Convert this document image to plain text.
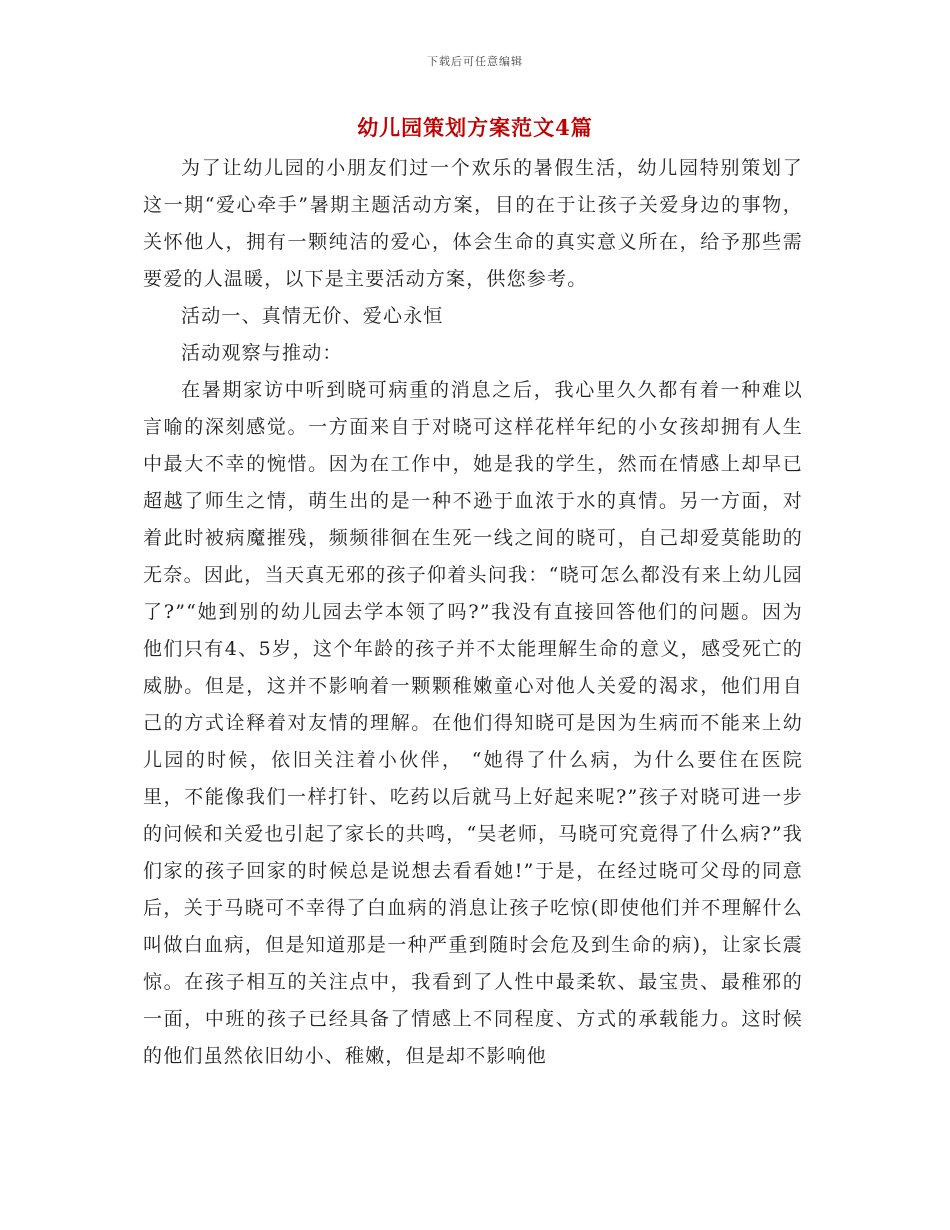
下载后可任意编辑
幼儿园策划方案范文4篇

为了让幼儿园的小朋友们过一个欢乐的暑假生活，幼儿园特别策划了这一期“爱心牵手”暑期主题活动方案，目的在于让孩子关爱身边的事物，关怀他人，拥有一颗纯洁的爱心，体会生命的真实意义所在，给予那些需要爱的人温暖，以下是主要活动方案，供您参考。

活动一、真情无价、爱心永恒

活动观察与推动：

在暑期家访中听到晓可病重的消息之后，我心里久久都有着一种难以言喻的深刻感觉。一方面来自于对晓可这样花样年纪的小女孩却拥有人生中最大不幸的惋惜。因为在工作中，她是我的学生，然而在情感上却早已超越了师生之情，萌生出的是一种不逊于血浓于水的真情。另一方面，对着此时被病魔摧残，频频徘徊在生死一线之间的晓可，自己却爱莫能助的无奈。因此，当天真无邪的孩子仰着头问我：“晓可怎么都没有来上幼儿园了?”“她到别的幼儿园去学本领了吗?”我没有直接回答他们的问题。因为他们只有4、5岁，这个年龄的孩子并不太能理解生命的意义，感受死亡的威胁。但是，这并不影响着一颗颗稚嫩童心对他人关爱的渴求，他们用自己的方式诠释着对友情的理解。在他们得知晓可是因为生病而不能来上幼儿园的时候，依旧关注着小伙伴， “她得了什么病，为什么要住在医院里，不能像我们一样打针、吃药以后就马上好起来呢?”孩子对晓可进一步的问候和关爱也引起了家长的共鸣，“吴老师，马晓可究竟得了什么病?”我们家的孩子回家的时候总是说想去看看她!”于是，在经过晓可父母的同意后，关于马晓可不幸得了白血病的消息让孩子吃惊(即使他们并不理解什么叫做白血病，但是知道那是一种严重到随时会危及到生命的病)，让家长震惊。在孩子相互的关注点中，我看到了人性中最柔软、最宝贵、最稚邪的一面，中班的孩子已经具备了情感上不同程度、方式的承载能力。这时候的他们虽然依旧幼小、稚嫩，但是却不影响他
